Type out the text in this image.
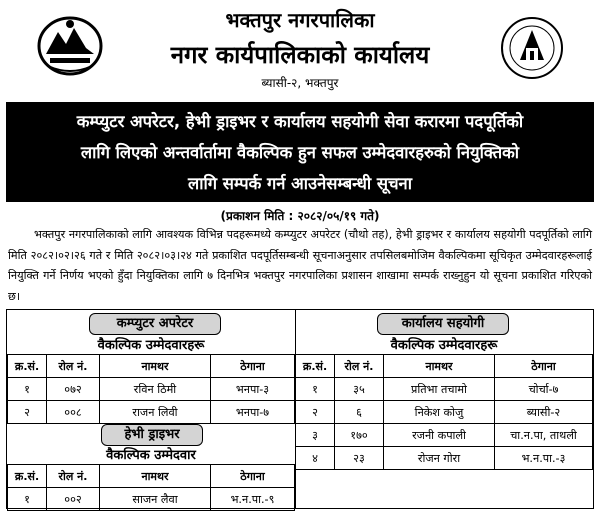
भक्तपुर नगरपालिका
नगर कार्यपालिकाको कार्यालय
ब्यासी-२, भक्तपुर
कम्प्युटर अपरेटर, हेभी ड्राइभर र कार्यालय सहयोगी सेवा करारमा पदपूर्तिको
लागि लिएको अन्तर्वार्तामा वैकल्पिक हुन सफल उम्मेदवारहरुको नियुक्तिको
लागि सम्पर्क गर्न आउनेसम्बन्धी सूचना
(प्रकाशन मिति : २०८२/०५/१९ गते)
भक्तपुर नगरपालिकाको लागि आवश्यक विभिन्न पदहरूमध्ये कम्प्युटर अपरेटर (चौथो तह), हेभी ड्राइभर र कार्यालय सहयोगी पदपूर्तिको लागि मिति २०८२।०२।२६ गते र मिति २०८२।०३।२४ गते प्रकाशित पदपूर्तिसम्बन्धी सूचनाअनुसार तपसिलबमोजिम वैकल्पिकमा सूचिकृत उम्मेदवारहरूलाई नियुक्ति गर्ने निर्णय भएको हुँदा नियुक्तिका लागि ७ दिनभित्र भक्तपुर नगरपालिका प्रशासन शाखामा सम्पर्क राख्नुहुन यो सूचना प्रकाशित गरिएको छ।
कम्प्युटर अपरेटर
वैकल्पिक उम्मेदवारहरू
क्र.सं.	रोल नं.	नामथर	ठेगाना
१	०७२	रविन ठिमी	भनपा-३
२	००८	राजन लिवी	भनपा-७
हेभी ड्राइभर
वैकल्पिक उम्मेदवार
क्र.सं.	रोल नं.	नामथर	ठेगाना
१	००२	साजन लैवा	भ.न.पा.-९
कार्यालय सहयोगी
वैकल्पिक उम्मेदवारहरू
क्र.सं.	रोल नं.	नामथर	ठेगाना
१	३५	प्रतिभा तचामो	चोर्चा-७
२	६	निकेश कोजु	ब्यासी-२
३	१७०	रजनी कपाली	चा.न.पा, ताथली
४	२३	रोजन गोरा	भ.न.पा.-३
